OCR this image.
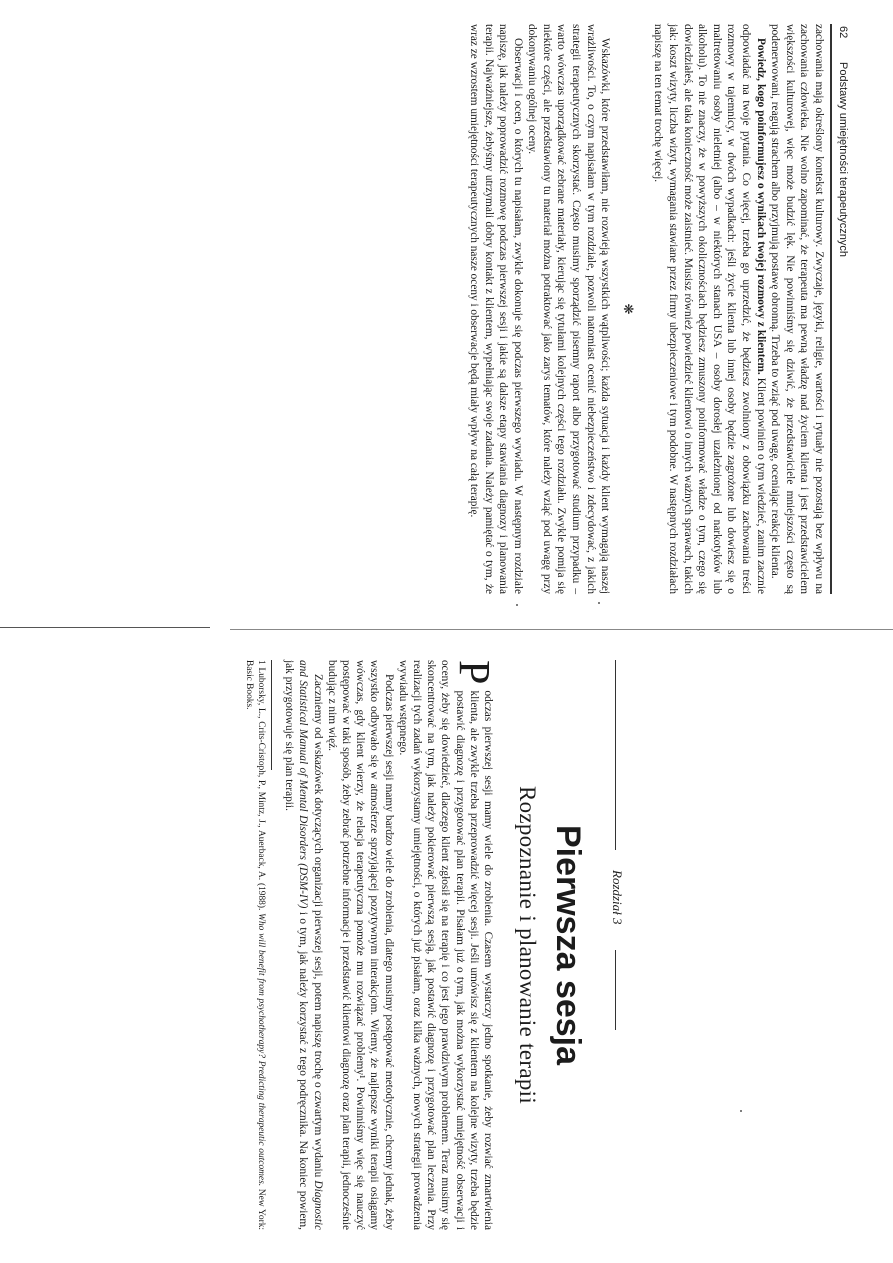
62
Podstawy umiejętności terapeutycznych

zachowania mają określony kontekst kulturowy. Zwyczaje, języki, religie, wartości i rytuały nie pozostają bez wpływu na zachowania człowieka. Nie wolno zapominać, że terapeuta ma pewną władzę nad życiem klienta i jest przedstawicielem większości kulturowej, więc może budzić lęk. Nie powinniśmy się dziwić, że przedstawiciele mniejszości często są podenerwowani, reagują strachem albo przyjmują postawę obronną. Trzeba to wziąć pod uwagę, oceniając reakcje klienta.

Powiedz, kogo poinformujesz o wynikach twojej rozmowy z klientem. Klient powinien o tym wiedzieć, zanim zacznie odpowiadać na twoje pytania. Co więcej, trzeba go uprzedzić, że będziesz zwolniony z obowiązku zachowania treści rozmowy w tajemnicy, w dwóch wypadkach: jeśli życie klienta lub innej osoby będzie zagrożone lub dowiesz się o maltretowaniu osoby nieletniej (albo – w niektórych stanach USA – osoby dorosłej uzależnionej od narkotyków lub alkoholu). To nie znaczy, że w powyższych okolicznościach będziesz zmuszony poinformować władze o tym, czego się dowiedziałeś, ale taka konieczność może zaistnieć. Musisz również powiedzieć klientowi o innych ważnych sprawach, takich jak: koszt wizyty, liczba wizyt, wymagania stawiane przez firmy ubezpieczeniowe i tym podobne. W następnych rozdziałach napiszę na ten temat trochę więcej.

❋

Wskazówki, które przedstawiłam, nie rozwieją wszystkich wątpliwości; każda sytuacja i każdy klient wymagają naszej wrażliwości. To, o czym napisałam w tym rozdziale, pozwoli natomiast ocenić niebezpieczeństwo i zdecydować, z jakich strategii terapeutycznych skorzystać. Często musimy sporządzić pisemny raport albo przygotować studium przypadku – warto wówczas uporządkować zebrane materiały, kierując się tytułami kolejnych części tego rozdziału. Zwykle pomija się niektóre części, ale przedstawiony tu materiał można potraktować jako zarys tematów, które należy wziąć pod uwagę przy dokonywaniu ogólnej oceny.

Obserwacji i ocen, o których tu napisałam, zwykle dokonuje się podczas pierwszego wywiadu. W następnym rozdziale napiszę, jak należy poprowadzić rozmowę podczas pierwszej sesji i jakie są dalsze etapy stawiania diagnozy i planowania terapii. Najważniejsze, żebyśmy utrzymali dobry kontakt z klientem, wypełniając swoje zadania. Należy pamiętać o tym, że wraz ze wzrostem umiejętności terapeutycznych nasze oceny i obserwacje będą miały wpływ na całą terapię.

Rozdział 3
Pierwsza sesja
Rozpoznanie i planowanie terapii

P
odczas pierwszej sesji mamy wiele do zrobienia. Czasem wystarczy jedno spotkanie, żeby rozwiać zmartwienia klienta, ale zwykle trzeba przeprowadzić więcej sesji. Jeśli umówisz się z klientem na kolejne wizyty, trzeba będzie postawić diagnozę i przygotować plan terapii. Pisałam już o tym, jak można wykorzystać umiejętność obserwacji i oceny, żeby się dowiedzieć, dlaczego klient zgłosił się na terapię i co jest jego prawdziwym problemem. Teraz musimy się skoncentrować na tym, jak należy pokierować pierwszą sesją, jak postawić diagnozę i przygotować plan leczenia. Przy realizacji tych zadań wykorzystamy umiejętności, o których już pisałam, oraz kilka ważnych, nowych strategii prowadzenia wywiadu wstępnego.

Podczas pierwszej sesji mamy bardzo wiele do zrobienia, dlatego musimy postępować metodycznie, chcemy jednak, żeby wszystko odbywało się w atmosferze sprzyjającej pozytywnym interakcjom. Wiemy, że najlepsze wyniki terapii osiągamy wówczas, gdy klient wierzy, że relacja terapeutyczna pomoże mu rozwiązać problemy¹. Powinniśmy więc się nauczyć postępować w taki sposób, żeby zebrać potrzebne informacje i przedstawić klientowi diagnozę oraz plan terapii, jednocześnie budując z nim więź.

Zaczniemy od wskazówek dotyczących organizacji pierwszej sesji, potem napiszę trochę o czwartym wydaniu Diagnostic and Statistical Manual of Mental Disorders (DSM-IV) i o tym, jak należy korzystać z tego podręcznika. Na koniec powiem, jak przygotowuje się plan terapii.

1 Luborsky, L., Crits-Cristoph, P., Mintz, J., Auerback, A. (1988). Who will benefit from psychotherapy? Predicting therapeutic outcomes. New York: Basic Books.
